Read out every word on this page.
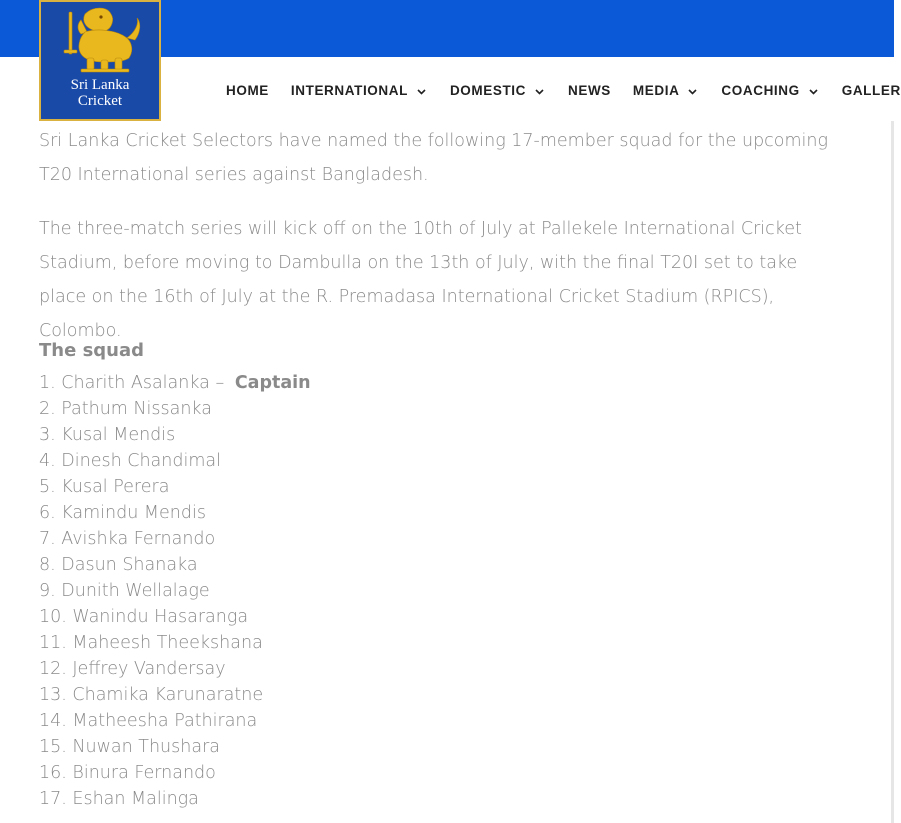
Sri Lanka
Cricket
HOME INTERNATIONAL	DOMESTIC	NEWS MEDIA	COACHING	GALLER

Sri Lanka Cricket Selectors have named the following 17-member squad for the upcoming T20 International series against Bangladesh.

The three-match series will kick off on the 10th of July at Pallekele International Cricket Stadium, before moving to Dambulla on the 13th of July, with the final T20I set to take place on the 16th of July at the R. Premadasa International Cricket Stadium (RPICS), Colombo.

The squad
1. Charith Asalanka – Captain
2. Pathum Nissanka
3. Kusal Mendis
4. Dinesh Chandimal
5. Kusal Perera
6. Kamindu Mendis
7. Avishka Fernando
8. Dasun Shanaka
9. Dunith Wellalage
10. Wanindu Hasaranga
11. Maheesh Theekshana
12. Jeffrey Vandersay
13. Chamika Karunaratne
14. Matheesha Pathirana
15. Nuwan Thushara
16. Binura Fernando
17. Eshan Malinga
